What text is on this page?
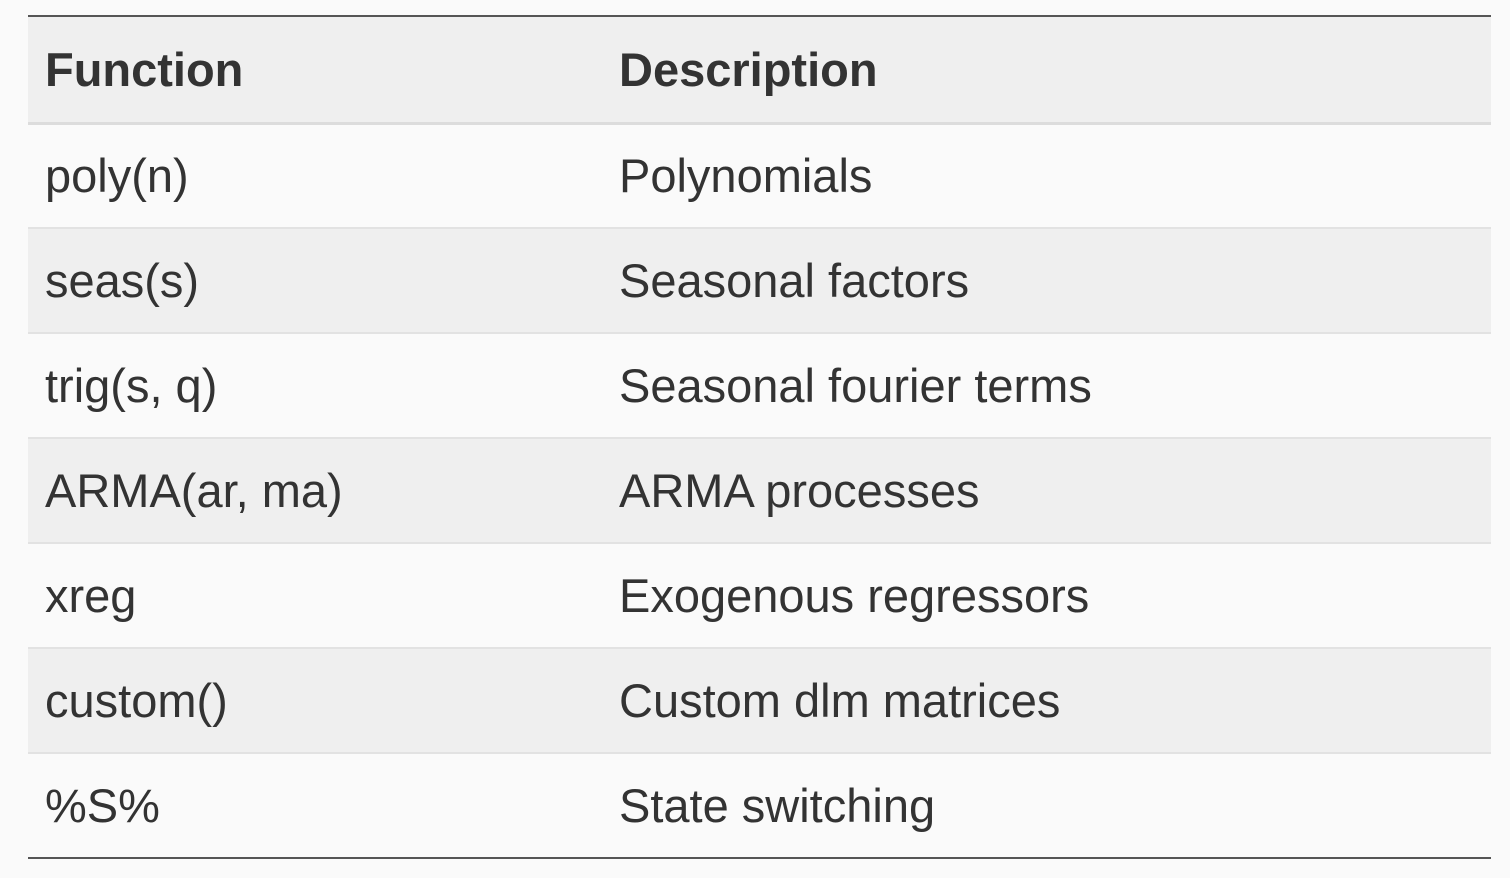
Function	Description
poly(n)	Polynomials
seas(s)	Seasonal factors
trig(s, q)	Seasonal fourier terms
ARMA(ar, ma)	ARMA processes
xreg	Exogenous regressors
custom()	Custom dlm matrices
%S%	State switching
